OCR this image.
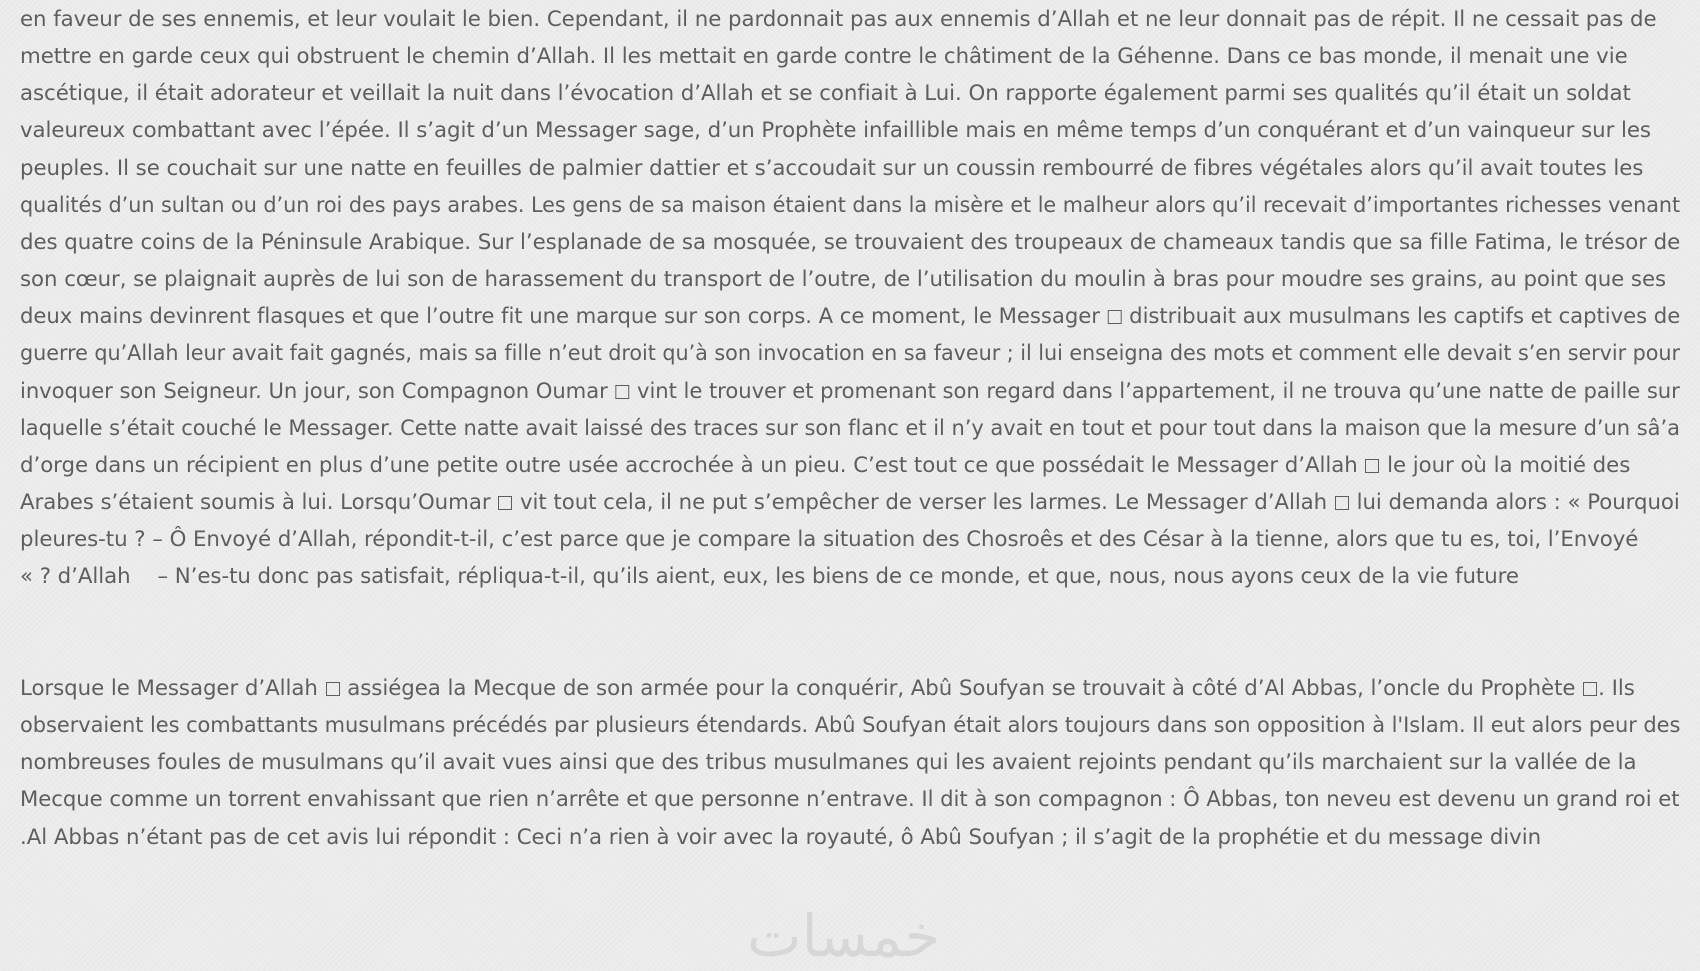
en faveur de ses ennemis, et leur voulait le bien. Cependant, il ne pardonnait pas aux ennemis d’Allah et ne leur donnait pas de répit. Il ne cessait pas de
mettre en garde ceux qui obstruent le chemin d’Allah. Il les mettait en garde contre le châtiment de la Géhenne. Dans ce bas monde, il menait une vie
ascétique, il était adorateur et veillait la nuit dans l’évocation d’Allah et se confiait à Lui. On rapporte également parmi ses qualités qu’il était un soldat
valeureux combattant avec l’épée. Il s’agit d’un Messager sage, d’un Prophète infaillible mais en même temps d’un conquérant et d’un vainqueur sur les
peuples. Il se couchait sur une natte en feuilles de palmier dattier et s’accoudait sur un coussin rembourré de fibres végétales alors qu’il avait toutes les
qualités d’un sultan ou d’un roi des pays arabes. Les gens de sa maison étaient dans la misère et le malheur alors qu’il recevait d’importantes richesses venant
des quatre coins de la Péninsule Arabique. Sur l’esplanade de sa mosquée, se trouvaient des troupeaux de chameaux tandis que sa fille Fatima, le trésor de
son cœur, se plaignait auprès de lui son de harassement du transport de l’outre, de l’utilisation du moulin à bras pour moudre ses grains, au point que ses
deux mains devinrent flasques et que l’outre fit une marque sur son corps. A ce moment, le Messager  distribuait aux musulmans les captifs et captives de
guerre qu’Allah leur avait fait gagnés, mais sa fille n’eut droit qu’à son invocation en sa faveur ; il lui enseigna des mots et comment elle devait s’en servir pour
invoquer son Seigneur. Un jour, son Compagnon Oumar  vint le trouver et promenant son regard dans l’appartement, il ne trouva qu’une natte de paille sur
laquelle s’était couché le Messager. Cette natte avait laissé des traces sur son flanc et il n’y avait en tout et pour tout dans la maison que la mesure d’un sâ’a
d’orge dans un récipient en plus d’une petite outre usée accrochée à un pieu. C’est tout ce que possédait le Messager d’Allah  le jour où la moitié des
Arabes s’étaient soumis à lui. Lorsqu’Oumar  vit tout cela, il ne put s’empêcher de verser les larmes. Le Messager d’Allah  lui demanda alors : « Pourquoi
pleures-tu ? – Ô Envoyé d’Allah, répondit-t-il, c’est parce que je compare la situation des Chosroês et des César à la tienne, alors que tu es, toi, l’Envoyé
« ? d’Allah    – N’es-tu donc pas satisfait, répliqua-t-il, qu’ils aient, eux, les biens de ce monde, et que, nous, nous ayons ceux de la vie future
Lorsque le Messager d’Allah  assiégea la Mecque de son armée pour la conquérir, Abû Soufyan se trouvait à côté d’Al Abbas, l’oncle du Prophète . Ils
observaient les combattants musulmans précédés par plusieurs étendards. Abû Soufyan était alors toujours dans son opposition à l'Islam. Il eut alors peur des
nombreuses foules de musulmans qu’il avait vues ainsi que des tribus musulmanes qui les avaient rejoints pendant qu’ils marchaient sur la vallée de la
Mecque comme un torrent envahissant que rien n’arrête et que personne n’entrave. Il dit à son compagnon : Ô Abbas, ton neveu est devenu un grand roi et
.Al Abbas n’étant pas de cet avis lui répondit : Ceci n’a rien à voir avec la royauté, ô Abû Soufyan ; il s’agit de la prophétie et du message divin
خمسات
